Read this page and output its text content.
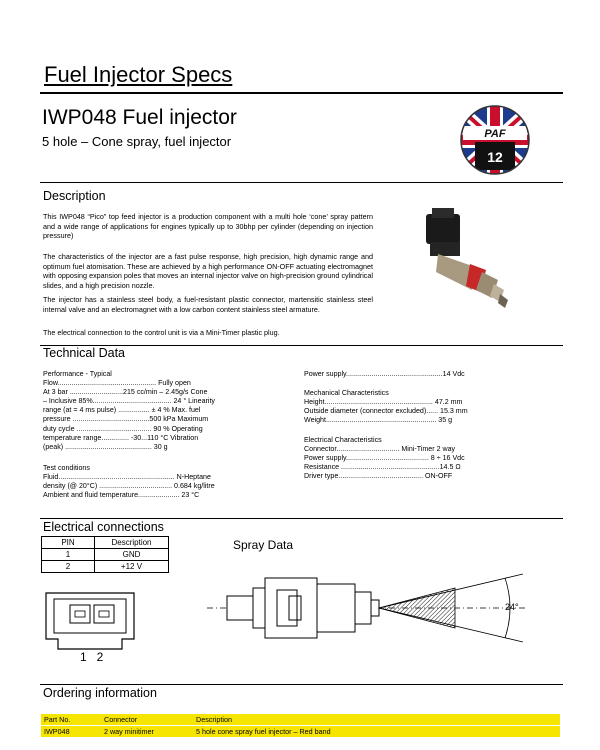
Fuel Injector Specs
IWP048 Fuel injector
5 hole – Cone spray, fuel injector	PAF
12
Description
This IWP048 “Pico” top feed injector is a production component with a multi hole ‘cone’ spray pattern and a wide range of applications for engines typically up to 30bhp per cylinder (depending on injection pressure)
The characteristics of the injector are a fast pulse response, high precision, high dynamic range and optimum fuel atomisation. These are achieved by a high performance ON-OFF actuating electromagnet with opposing expansion poles that moves an internal injector valve on high-precision ground cylindrical slides, and a high precision nozzle.
The injector has a stainless steel body, a fuel-resistant plastic connector, martensitic stainless steel internal valve and an electromagnet with a low carbon content stainless steel armature.
The electrical connection to the control unit is via a Mini-Timer plastic plug.
Technical Data
Performance - Typical
Flow.................................................. Fully open
At 3 bar ...........................215 cc/min – 2.45g/s Cone
– Inclusive 85%........................................ 24 ° Linearity
range (at = 4 ms pulse) ................ ± 4 % Max. fuel
pressure .......................................500 kPa Maximum
duty cycle ...................................... 90 % Operating
temperature range.............. -30...110 °C Vibration
(peak) ............................................ 30 g
Test conditions
Fluid........................................................... N-Heptane
density (@ 20°C) ..................................... 0.684 kg/litre
Ambient and fluid temperature..................... 23 °C
Power supply.................................................14 Vdc
Mechanical Characteristics
Height....................................................... 47.2 mm
Outside diameter (connector excluded)...... 15.3 mm
Weight........................................................ 35 g
Electrical Characteristics
Connector................................ Mini-Timer 2 way
Power supply.......................................... 8 ÷ 16 Vdc
Resistance ..................................................14.5 Ω
Driver type........................................... ON-OFF
Electrical connections
PIN	Description
1	GND
2	+12 V
1   2
Spray Data
24°
Ordering information
Part No.	Connector	Description
IWP048	2 way minitimer	5 hole cone spray fuel injector – Red band
